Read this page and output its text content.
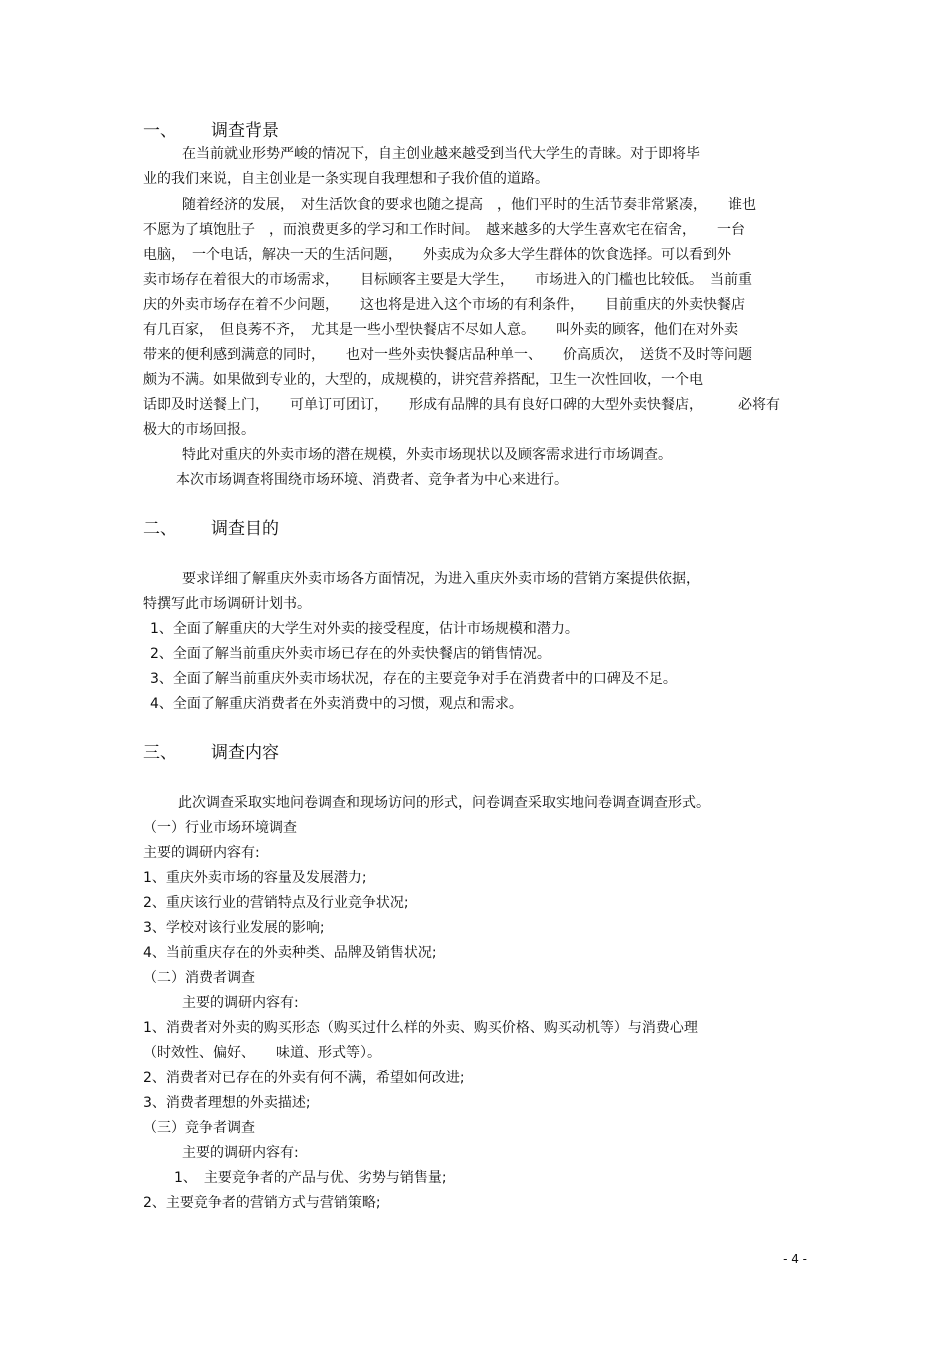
一、 调查背景
在当前就业形势严峻的情况下，自主创业越来越受到当代大学生的青睐。对于即将毕
业的我们来说，自主创业是一条实现自我理想和子我价值的道路。
随着经济的发展，　对生活饮食的要求也随之提高　，他们平时的生活节奏非常紧凑，　　谁也
不愿为了填饱肚子　，而浪费更多的学习和工作时间。　越来越多的大学生喜欢宅在宿舍，　　一台
电脑，　一个电话，解决一天的生活问题，　　外卖成为众多大学生群体的饮食选择。可以看到外
卖市场存在着很大的市场需求，　　目标顾客主要是大学生，　　市场进入的门槛也比较低。　当前重
庆的外卖市场存在着不少问题，　　这也将是进入这个市场的有利条件，　　目前重庆的外卖快餐店
有几百家，　但良莠不齐，　尤其是一些小型快餐店不尽如人意。　　叫外卖的顾客，他们在对外卖
带来的便利感到满意的同时，　　也对一些外卖快餐店品种单一、　　价高质次，　送货不及时等问题
颇为不满。如果做到专业的，大型的，成规模的，讲究营养搭配，卫生一次性回收，一个电
话即及时送餐上门，　　可单订可团订，　　形成有品牌的具有良好口碑的大型外卖快餐店，　　　必将有
极大的市场回报。
特此对重庆的外卖市场的潜在规模，外卖市场现状以及顾客需求进行市场调查。
本次市场调查将围绕市场环境、消费者、竞争者为中心来进行。
二、 调查目的
要求详细了解重庆外卖市场各方面情况，为进入重庆外卖市场的营销方案提供依据，
特撰写此市场调研计划书。
1、全面了解重庆的大学生对外卖的接受程度，估计市场规模和潜力。
2、全面了解当前重庆外卖市场已存在的外卖快餐店的销售情况。
3、全面了解当前重庆外卖市场状况，存在的主要竞争对手在消费者中的口碑及不足。
4、全面了解重庆消费者在外卖消费中的习惯，观点和需求。
三、 调查内容
此次调查采取实地问卷调查和现场访问的形式，问卷调查采取实地问卷调查调查形式。
（一）行业市场环境调查
主要的调研内容有:
1、重庆外卖市场的容量及发展潜力;
2、重庆该行业的营销特点及行业竞争状况;
3、学校对该行业发展的影响;
4、当前重庆存在的外卖种类、品牌及销售状况;
（二）消费者调查
主要的调研内容有:
1、消费者对外卖的购买形态（购买过什么样的外卖、购买价格、购买动机等）与消费心理
（时效性、偏好、　　味道、形式等）。
2、消费者对已存在的外卖有何不满，希望如何改进;
3、消费者理想的外卖描述;
（三）竞争者调查
主要的调研内容有:
1、　主要竞争者的产品与优、劣势与销售量;
2、主要竞争者的营销方式与营销策略;
- 4 -
